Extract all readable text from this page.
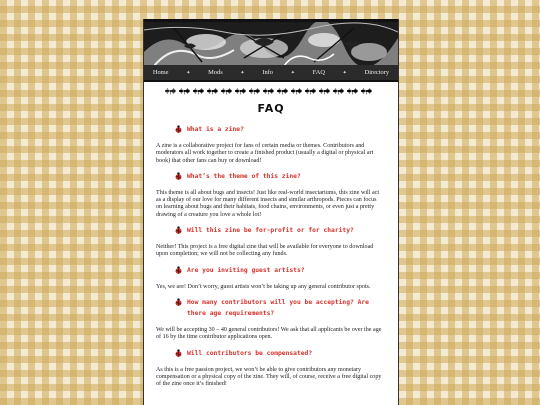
Home	✦	Mods	✦	Info	✦	FAQ	✦	Directory
FAQ
What is a zine?
A zine is a collaborative project for fans of certain media or themes. Contributors and moderators all work together to create a finished product (usually a digital or physical art book) that other fans can buy or download!
What’s the theme of this zine?
This theme is all about bugs and insects! Just like real-world insectariums, this zine will act as a display of our love for many different insects and similar arthropods. Pieces can focus on learning about bugs and their habitats, food chains, environments, or even just a pretty drawing of a creature you love a whole lot!
Will this zine be for-profit or for charity?
Neither! This project is a free digital zine that will be available for everyone to download upon completion; we will not be collecting any funds.
Are you inviting guest artists?
Yes, we are! Don’t worry, guest artists won’t be taking up any general contributor spots.
How many contributors will you be accepting? Are there age requirements?
We will be accepting 30 – 40 general contributors! We ask that all applicants be over the age of 16 by the time contributor applications open.
Will contributors be compensated?
As this is a free passion project, we won’t be able to give contributors any monetary compensation or a physical copy of the zine. They will, of course, receive a free digital copy of the zine once it’s finished!
